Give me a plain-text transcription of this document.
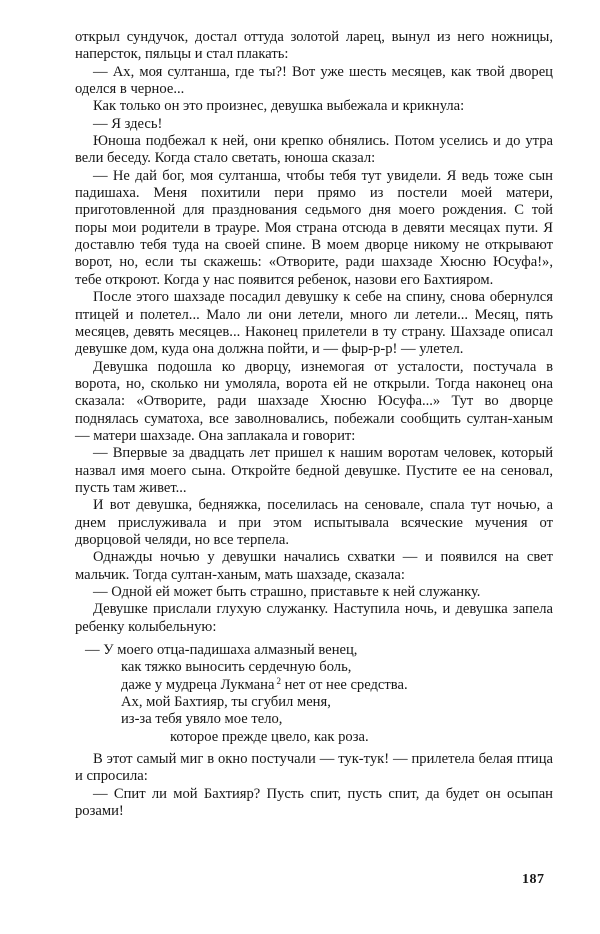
открыл сундучок, достал оттуда золотой ларец, вынул из него ножницы, наперсток, пяльцы и стал плакать:

— Ах, моя султанша, где ты?! Вот уже шесть месяцев, как твой дворец оделся в черное...

Как только он это произнес, девушка выбежала и крикнула:

— Я здесь!

Юноша подбежал к ней, они крепко обнялись. Потом уселись и до утра вели беседу. Когда стало светать, юноша сказал:

— Не дай бог, моя султанша, чтобы тебя тут увидели. Я ведь тоже сын падишаха. Меня похитили пери прямо из постели моей матери, приготовленной для празднования седьмого дня моего рождения. С той поры мои родители в трауре. Моя страна отсюда в девяти месяцах пути. Я доставлю тебя туда на своей спине. В моем дворце никому не открывают ворот, но, если ты скажешь: «Отворите, ради шахзаде Хюсню Юсуфа!», тебе откроют. Когда у нас появится ребенок, назови его Бахтияром.

После этого шахзаде посадил девушку к себе на спину, снова обернулся птицей и полетел... Мало ли они летели, много ли летели... Месяц, пять месяцев, девять месяцев... Наконец прилетели в ту страну. Шахзаде описал девушке дом, куда она должна пойти, и — фыр-р-р! — улетел.

Девушка подошла ко дворцу, изнемогая от усталости, постучала в ворота, но, сколько ни умоляла, ворота ей не открыли. Тогда наконец она сказала: «Отворите, ради шахзаде Хюсню Юсуфа...» Тут во дворце поднялась суматоха, все заволновались, побежали сообщить султан-ханым — матери шахзаде. Она заплакала и говорит:

— Впервые за двадцать лет пришел к нашим воротам человек, который назвал имя моего сына. Откройте бедной девушке. Пустите ее на сеновал, пусть там живет...

И вот девушка, бедняжка, поселилась на сеновале, спала тут ночью, а днем прислуживала и при этом испытывала всяческие мучения от дворцовой челяди, но все терпела.

Однажды ночью у девушки начались схватки — и появился на свет мальчик. Тогда султан-ханым, мать шахзаде, сказала:

— Одной ей может быть страшно, приставьте к ней служанку.

Девушке прислали глухую служанку. Наступила ночь, и девушка запела ребенку колыбельную:

— У моего отца-падишаха алмазный венец,
как тяжко выносить сердечную боль,
даже у мудреца Лукмана $^2$ нет от нее средства.
Ах, мой Бахтияр, ты сгубил меня,
из-за тебя увяло мое тело,
которое прежде цвело, как роза.

В этот самый миг в окно постучали — тук-тук! — прилетела белая птица и спросила:

— Спит ли мой Бахтияр? Пусть спит, пусть спит, да будет он осыпан розами!

187
